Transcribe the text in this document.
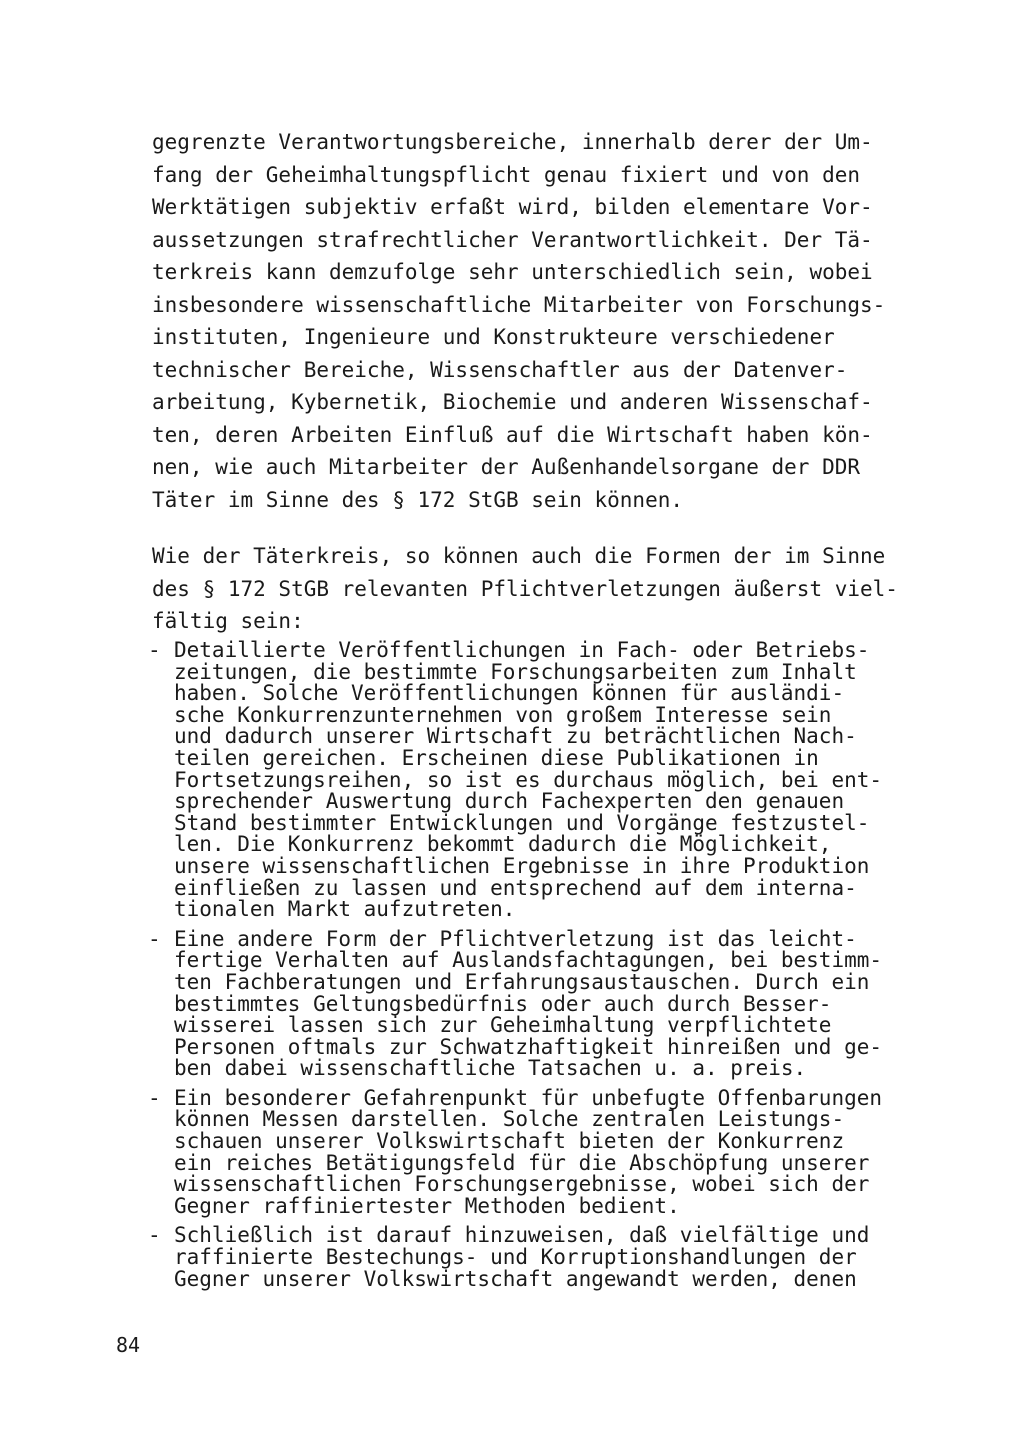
gegrenzte Verantwortungsbereiche, innerhalb derer der Um-
fang der Geheimhaltungspflicht genau fixiert und von den
Werktätigen subjektiv erfaßt wird, bilden elementare Vor-
aussetzungen strafrechtlicher Verantwortlichkeit. Der Tä-
terkreis kann demzufolge sehr unterschiedlich sein, wobei
insbesondere wissenschaftliche Mitarbeiter von Forschungs-
instituten, Ingenieure und Konstrukteure verschiedener
technischer Bereiche, Wissenschaftler aus der Datenver-
arbeitung, Kybernetik, Biochemie und anderen Wissenschaf-
ten, deren Arbeiten Einfluß auf die Wirtschaft haben kön-
nen, wie auch Mitarbeiter der Außenhandelsorgane der DDR
Täter im Sinne des § 172 StGB sein können.
Wie der Täterkreis, so können auch die Formen der im Sinne
des § 172 StGB relevanten Pflichtverletzungen äußerst viel-
fältig sein:
- Detaillierte Veröffentlichungen in Fach- oder Betriebs-
zeitungen, die bestimmte Forschungsarbeiten zum Inhalt
haben. Solche Veröffentlichungen können für ausländi-
sche Konkurrenzunternehmen von großem Interesse sein
und dadurch unserer Wirtschaft zu beträchtlichen Nach-
teilen gereichen. Erscheinen diese Publikationen in
Fortsetzungsreihen, so ist es durchaus möglich, bei ent-
sprechender Auswertung durch Fachexperten den genauen
Stand bestimmter Entwicklungen und Vorgänge festzustel-
len. Die Konkurrenz bekommt dadurch die Möglichkeit,
unsere wissenschaftlichen Ergebnisse in ihre Produktion
einfließen zu lassen und entsprechend auf dem interna-
tionalen Markt aufzutreten.
- Eine andere Form der Pflichtverletzung ist das leicht-
fertige Verhalten auf Auslandsfachtagungen, bei bestimm-
ten Fachberatungen und Erfahrungsaustauschen. Durch ein
bestimmtes Geltungsbedürfnis oder auch durch Besser-
wisserei lassen sich zur Geheimhaltung verpflichtete
Personen oftmals zur Schwatzhaftigkeit hinreißen und ge-
ben dabei wissenschaftliche Tatsachen u. a. preis.
- Ein besonderer Gefahrenpunkt für unbefugte Offenbarungen
können Messen darstellen. Solche zentralen Leistungs-
schauen unserer Volkswirtschaft bieten der Konkurrenz
ein reiches Betätigungsfeld für die Abschöpfung unserer
wissenschaftlichen Forschungsergebnisse, wobei sich der
Gegner raffiniertester Methoden bedient.
- Schließlich ist darauf hinzuweisen, daß vielfältige und
raffinierte Bestechungs- und Korruptionshandlungen der
Gegner unserer Volkswirtschaft angewandt werden, denen

84
